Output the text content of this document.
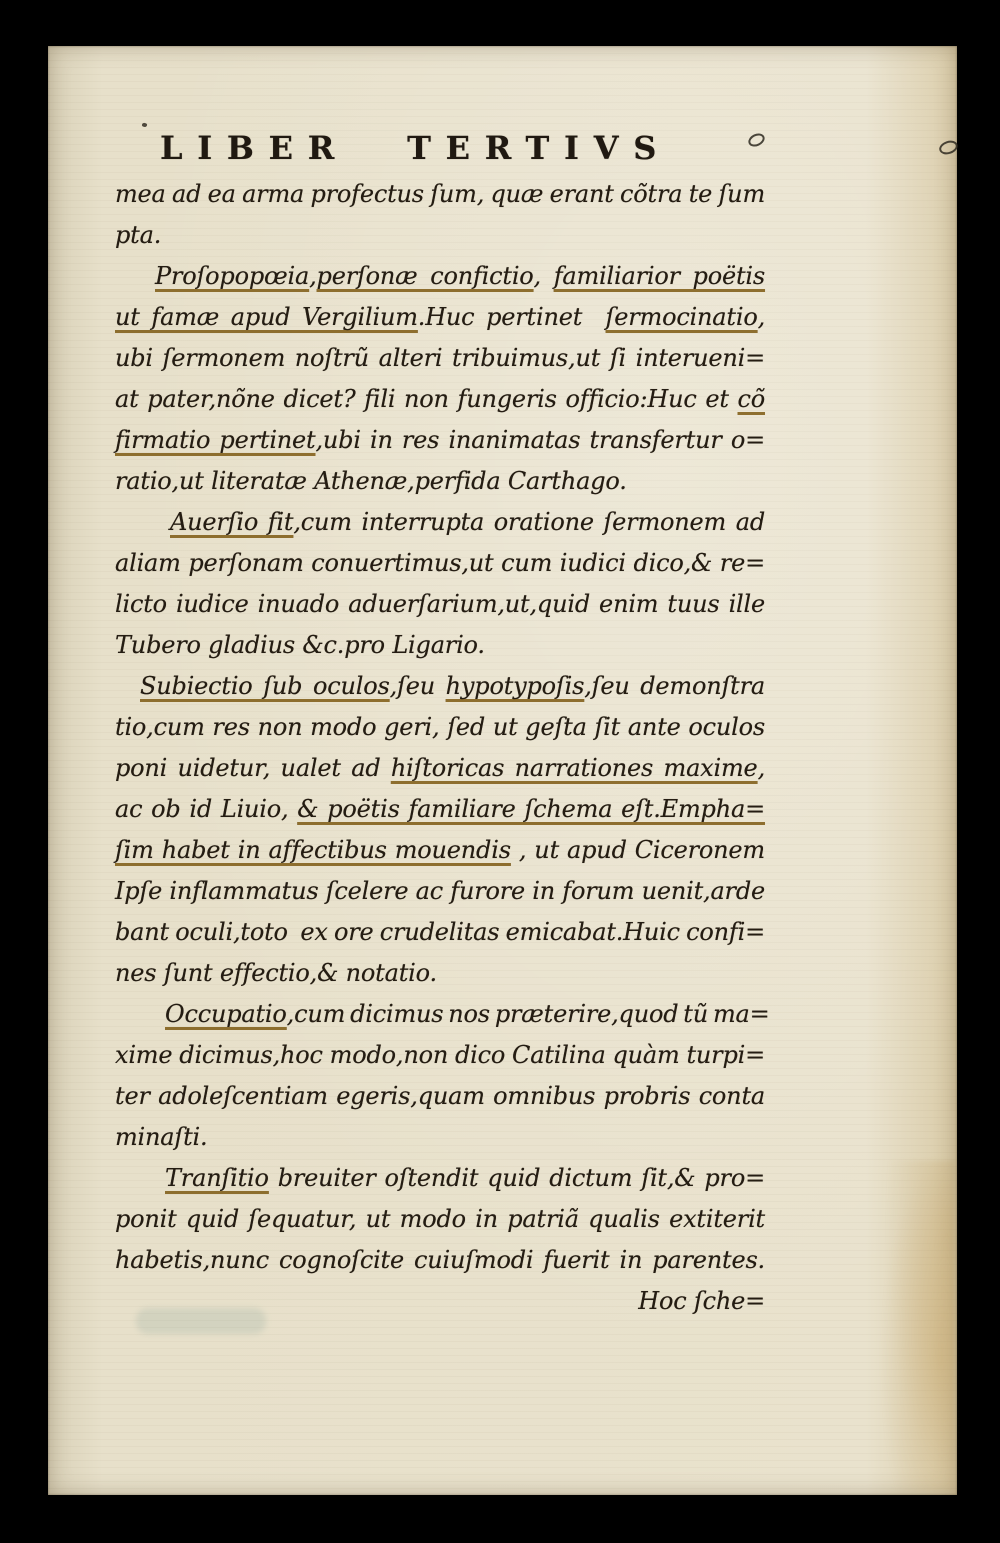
LIBER TERTIVS
mea ad ea arma profectus ſum, quæ erant cõtra te ſum
pta.
Proſopopœia,perſonæ confictio, familiarior poëtis
ut famæ apud Vergilium.Huc pertinet  ſermocinatio,
ubi ſermonem noſtrũ alteri tribuimus,ut ſi interueni=
at pater,nõne dicet? fili non fungeris officio:Huc et cõ
firmatio pertinet,ubi in res inanimatas transfertur o=
ratio,ut literatæ Athenæ,perfida Carthago.
Auerſio fit,cum interrupta oratione ſermonem ad
aliam perſonam conuertimus,ut cum iudici dico,& re=
licto iudice inuado aduerſarium,ut,quid enim tuus ille
Tubero gladius &c.pro Ligario.
Subiectio ſub oculos,ſeu hypotypoſis,ſeu demonſtra
tio,cum res non modo geri, ſed ut geſta ſit ante oculos
poni uidetur, ualet ad hiſtoricas narrationes maxime,
ac ob id Liuio, & poëtis familiare ſchema eſt.Empha=
ſim habet in affectibus mouendis , ut apud Ciceronem
Ipſe inflammatus ſcelere ac furore in forum uenit,arde
bant oculi,toto  ex ore crudelitas emicabat.Huic confi=
nes ſunt effectio,& notatio.
Occupatio,cum dicimus nos præterire,quod tũ ma=
xime dicimus,hoc modo,non dico Catilina quàm turpi=
ter adoleſcentiam egeris,quam omnibus probris conta
minaſti.
Tranſitio breuiter oſtendit quid dictum ſit,& pro=
ponit quid ſequatur, ut modo in patriã qualis extiterit
habetis,nunc cognoſcite cuiuſmodi fuerit in parentes.
Hoc ſche=
